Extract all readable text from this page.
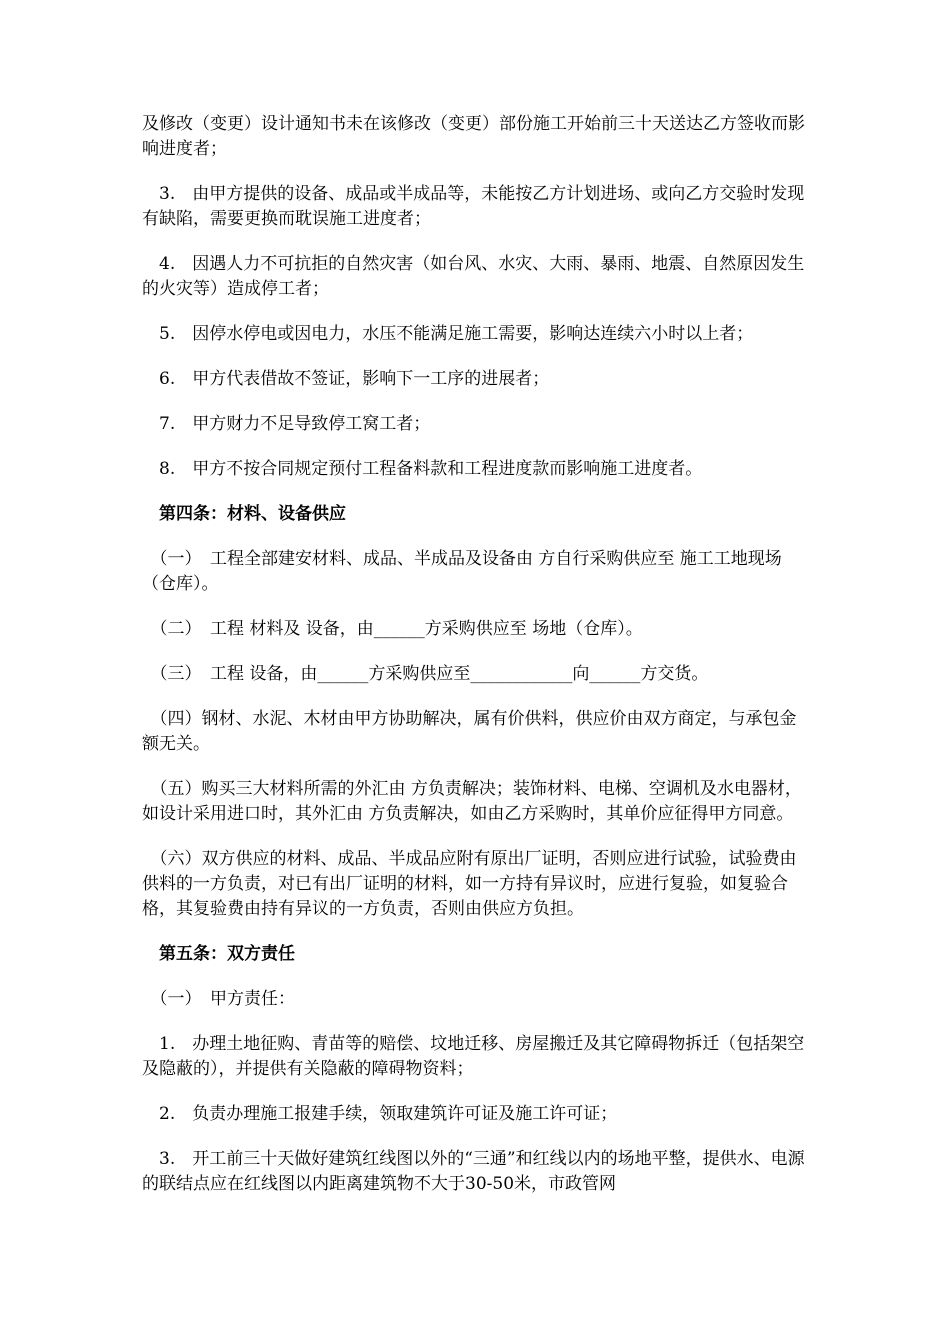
及修改（变更）设计通知书未在该修改（变更）部份施工开始前三十天送达乙方签收而影响进度者；

　3.　由甲方提供的设备、成品或半成品等，未能按乙方计划进场、或向乙方交验时发现有缺陷，需要更换而耽误施工进度者；

　4.　因遇人力不可抗拒的自然灾害（如台风、水灾、大雨、暴雨、地震、自然原因发生的火灾等）造成停工者；

　5.　因停水停电或因电力，水压不能满足施工需要，影响达连续六小时以上者；

　6.　甲方代表借故不签证，影响下一工序的进展者；

　7.　甲方财力不足导致停工窝工者；

　8.　甲方不按合同规定预付工程备料款和工程进度款而影响施工进度者。

　第四条：材料、设备供应

　（一）　工程全部建安材料、成品、半成品及设备由 方自行采购供应至 施工工地现场（仓库）。

　（二）　工程 材料及 设备，由______方采购供应至 场地（仓库）。

　（三）　工程 设备，由______方采购供应至____________向______方交货。

　（四）钢材、水泥、木材由甲方协助解决，属有价供料，供应价由双方商定，与承包金额无关。

　（五）购买三大材料所需的外汇由 方负责解决；装饰材料、电梯、空调机及水电器材，如设计采用进口时，其外汇由 方负责解决，如由乙方采购时，其单价应征得甲方同意。

　（六）双方供应的材料、成品、半成品应附有原出厂证明，否则应进行试验，试验费由供料的一方负责，对已有出厂证明的材料，如一方持有异议时，应进行复验，如复验合格，其复验费由持有异议的一方负责，否则由供应方负担。

　第五条：双方责任

　（一）　甲方责任：

　1.　办理土地征购、青苗等的赔偿、坟地迁移、房屋搬迁及其它障碍物拆迁（包括架空及隐蔽的），并提供有关隐蔽的障碍物资料；

　2.　负责办理施工报建手续，领取建筑许可证及施工许可证；

　3.　开工前三十天做好建筑红线图以外的“三通”和红线以内的场地平整，提供水、电源的联结点应在红线图以内距离建筑物不大于30-50米，市政管网
